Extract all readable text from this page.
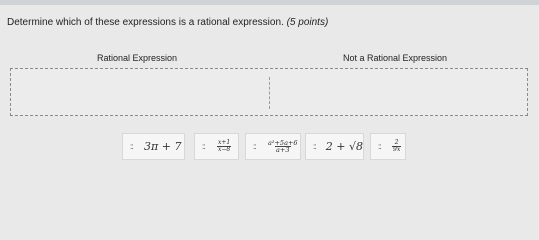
Determine which of these expressions is a rational expression. (5 points)
Rational Expression	Not a Rational Expression
::	3π + 7	::	$\frac{x+1}{x-8}$	::	$\frac{\text{a²+5a+6}}{a+3}$ :: 2 + √8 ::	$\frac{2}{9x}$
